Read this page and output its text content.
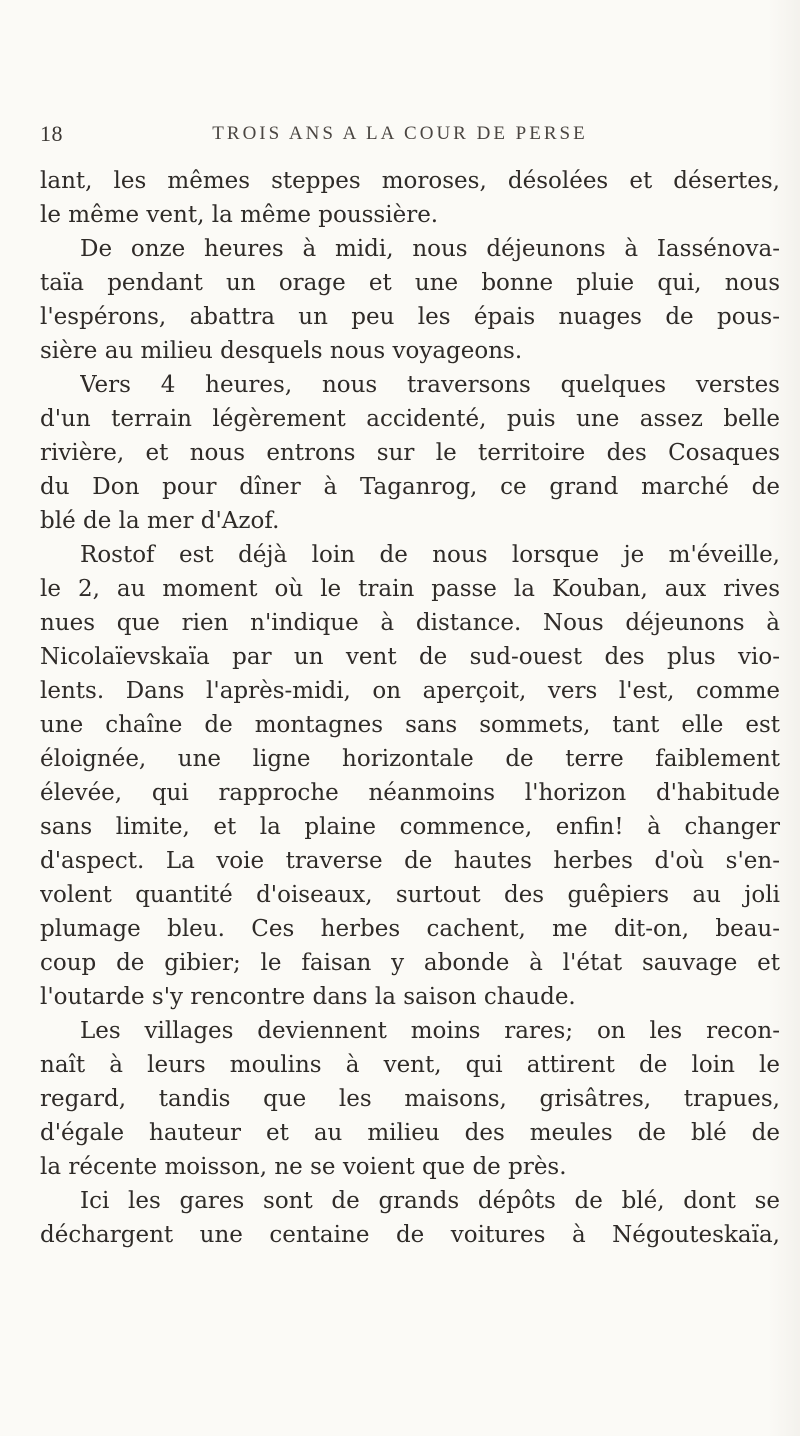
18	TROIS ANS A LA COUR DE PERSE
lant, les mêmes steppes moroses, désolées et désertes,
le même vent, la même poussière.
De onze heures à midi, nous déjeunons à Iassénova-
taïa pendant un orage et une bonne pluie qui, nous
l'espérons, abattra un peu les épais nuages de pous-
sière au milieu desquels nous voyageons.
Vers 4 heures, nous traversons quelques verstes
d'un terrain légèrement accidenté, puis une assez belle
rivière, et nous entrons sur le territoire des Cosaques
du Don pour dîner à Taganrog, ce grand marché de
blé de la mer d'Azof.
Rostof est déjà loin de nous lorsque je m'éveille,
le 2, au moment où le train passe la Kouban, aux rives
nues que rien n'indique à distance. Nous déjeunons à
Nicolaïevskaïa par un vent de sud-ouest des plus vio-
lents. Dans l'après-midi, on aperçoit, vers l'est, comme
une chaîne de montagnes sans sommets, tant elle est
éloignée, une ligne horizontale de terre faiblement
élevée, qui rapproche néanmoins l'horizon d'habitude
sans limite, et la plaine commence, enfin! à changer
d'aspect. La voie traverse de hautes herbes d'où s'en-
volent quantité d'oiseaux, surtout des guêpiers au joli
plumage bleu. Ces herbes cachent, me dit-on, beau-
coup de gibier; le faisan y abonde à l'état sauvage et
l'outarde s'y rencontre dans la saison chaude.
Les villages deviennent moins rares; on les recon-
naît à leurs moulins à vent, qui attirent de loin le
regard, tandis que les maisons, grisâtres, trapues,
d'égale hauteur et au milieu des meules de blé de
la récente moisson, ne se voient que de près.
Ici les gares sont de grands dépôts de blé, dont se
déchargent une centaine de voitures à Négouteskaïa,
